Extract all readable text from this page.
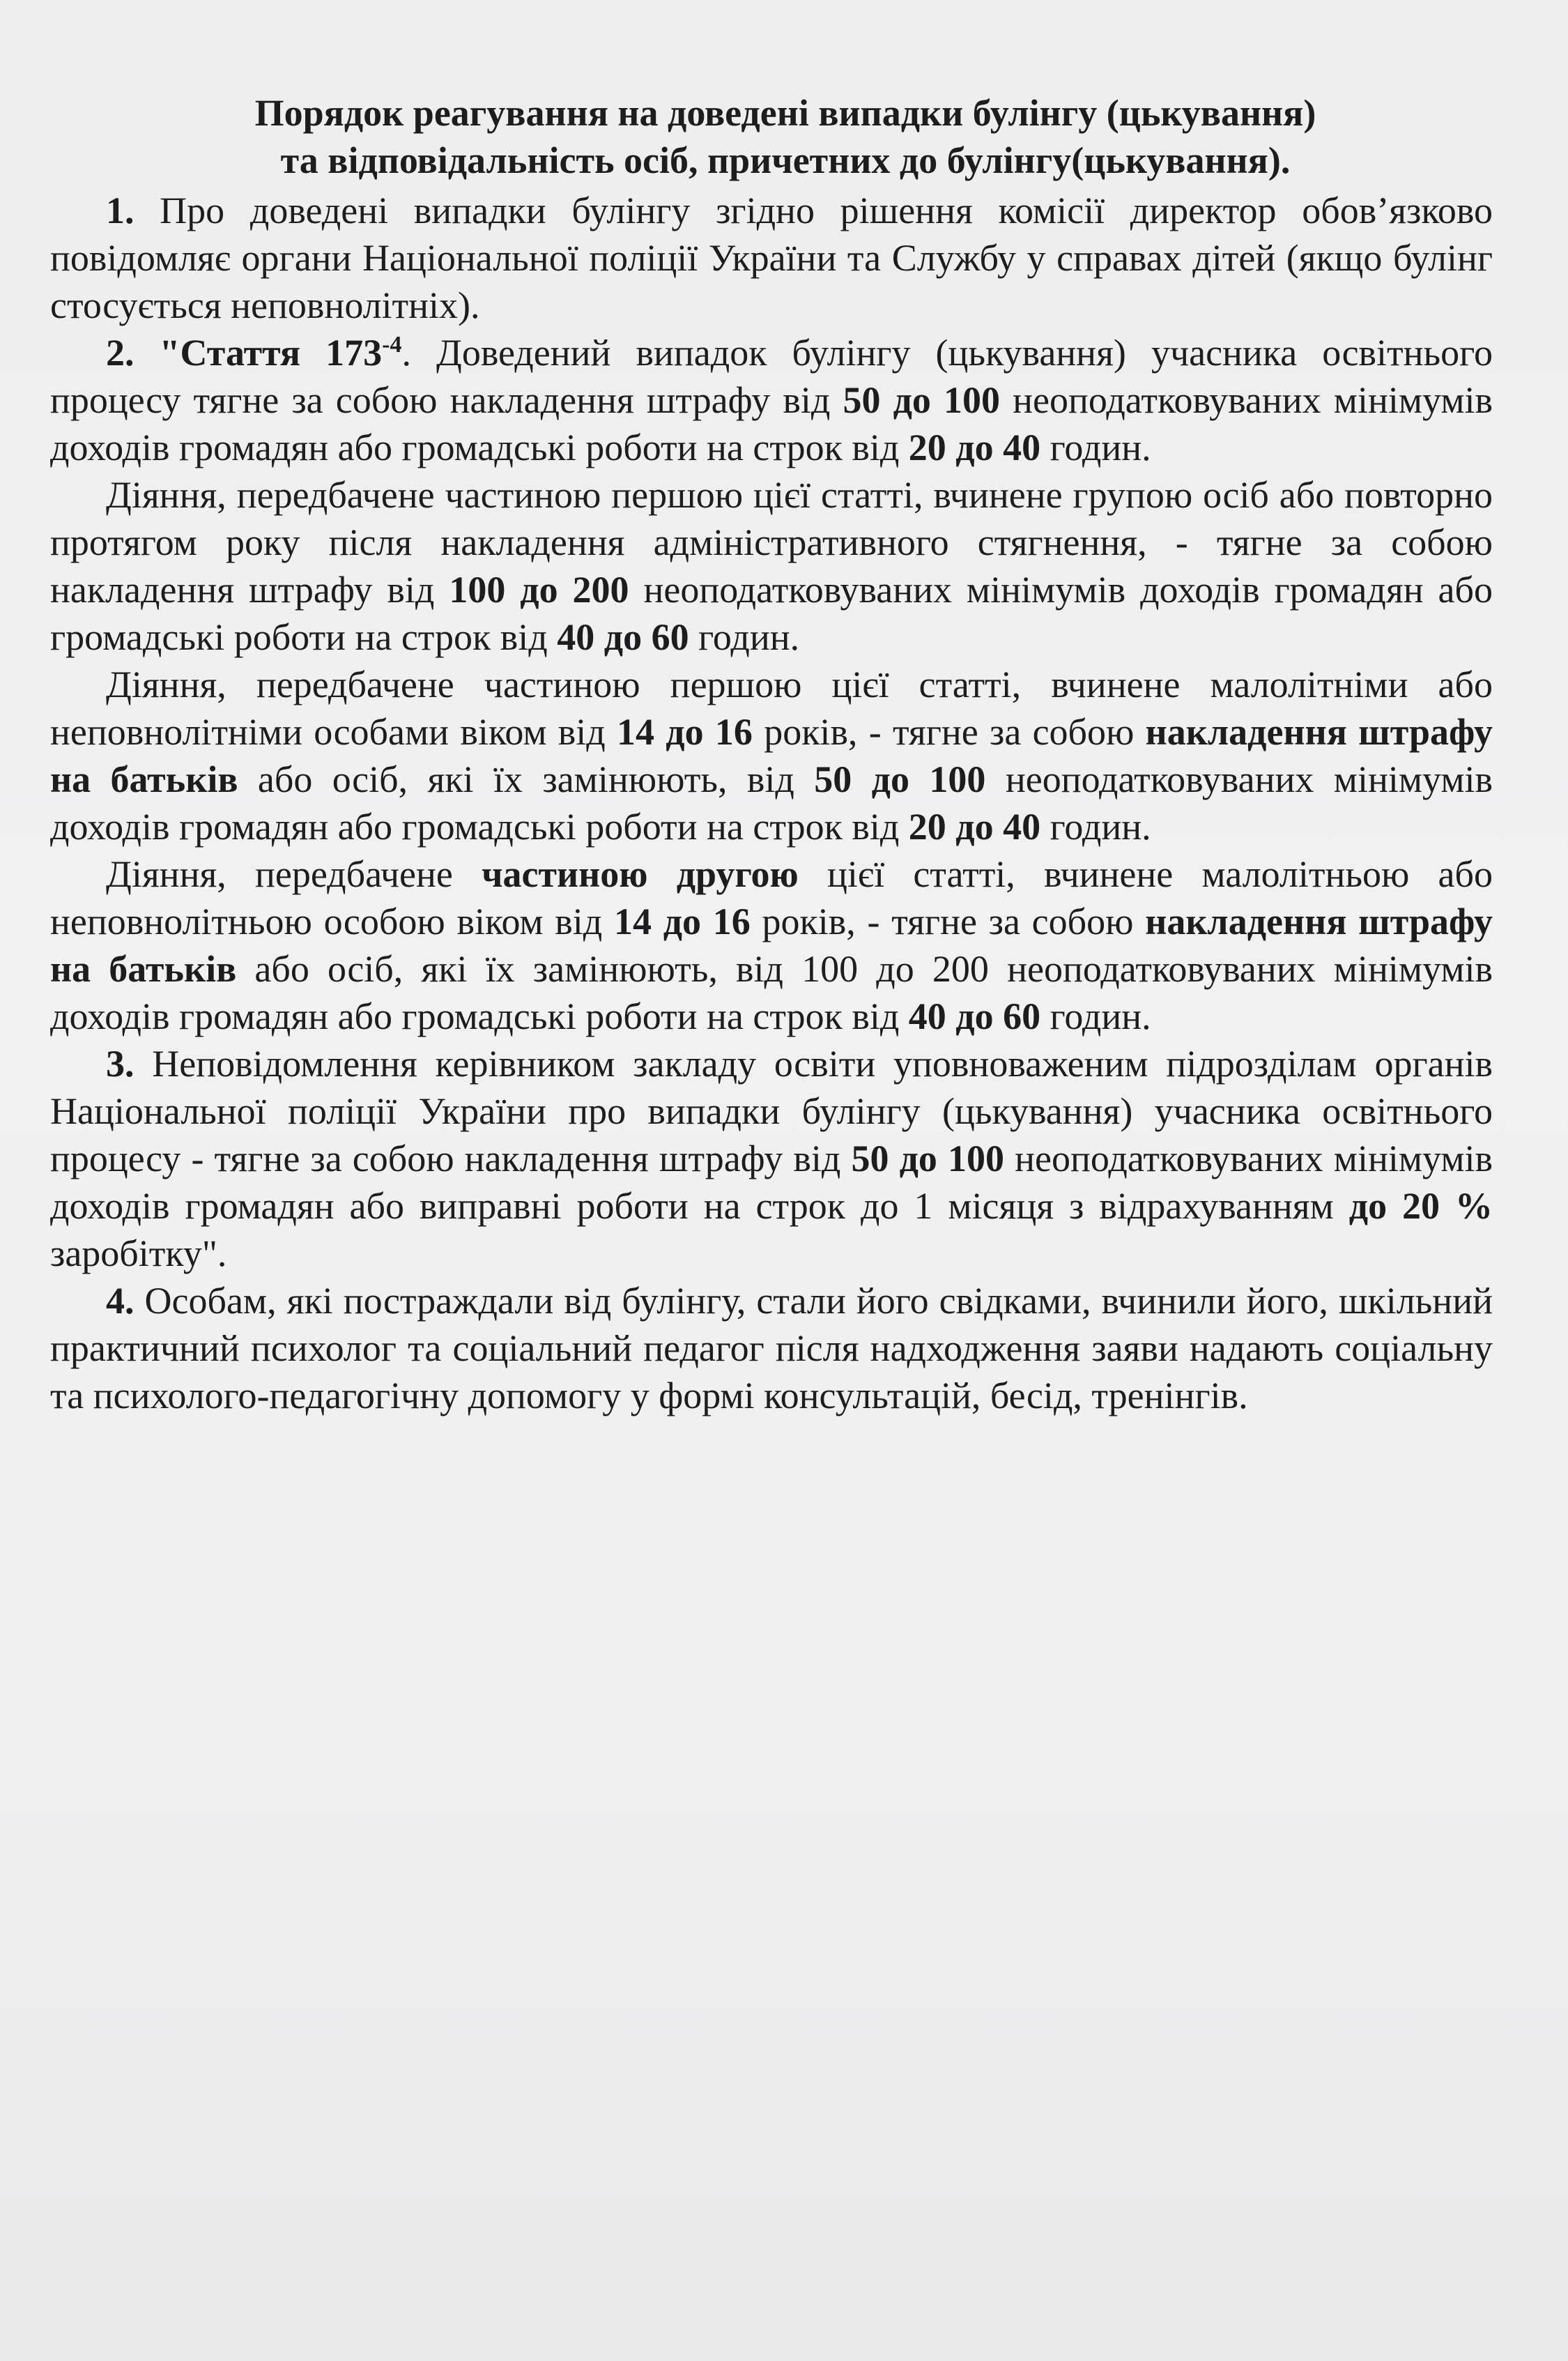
Порядок реагування на доведені випадки булінгу (цькування)
та відповідальність осіб, причетних до булінгу(цькування).

1. Про доведені випадки булінгу згідно рішення комісії директор обов’язково повідомляє органи Національної поліції України та Службу у справах дітей (якщо булінг стосується неповнолітніх).

2. "Стаття $173^{-4}$. Доведений випадок булінгу (цькування) учасника освітнього процесу тягне за собою накладення штрафу від 50 до 100 неоподатковуваних мінімумів доходів громадян або громадські роботи на строк від 20 до 40 годин.

Діяння, передбачене частиною першою цієї статті, вчинене групою осіб або повторно протягом року після накладення адміністративного стягнення, - тягне за собою накладення штрафу від 100 до 200 неоподатковуваних мінімумів доходів громадян або громадські роботи на строк від 40 до 60 годин.

Діяння, передбачене частиною першою цієї статті, вчинене малолітніми або неповнолітніми особами віком від 14 до 16 років, - тягне за собою накладення штрафу на батьків або осіб, які їх замінюють, від 50 до 100 неоподатковуваних мінімумів доходів громадян або громадські роботи на строк від 20 до 40 годин.

Діяння, передбачене частиною другою цієї статті, вчинене малолітньою або неповнолітньою особою віком від 14 до 16 років, - тягне за собою накладення штрафу на батьків або осіб, які їх замінюють, від 100 до 200 неоподатковуваних мінімумів доходів громадян або громадські роботи на строк від 40 до 60 годин.

3. Неповідомлення керівником закладу освіти уповноваженим підрозділам органів Національної поліції України про випадки булінгу (цькування) учасника освітнього процесу - тягне за собою накладення штрафу від 50 до 100 неоподатковуваних мінімумів доходів громадян або виправні роботи на строк до 1 місяця з відрахуванням до 20 % заробітку".

4. Особам, які постраждали від булінгу, стали його свідками, вчинили його, шкільний практичний психолог та соціальний педагог після надходження заяви надають соціальну та психолого-педагогічну допомогу у формі консультацій, бесід, тренінгів.
